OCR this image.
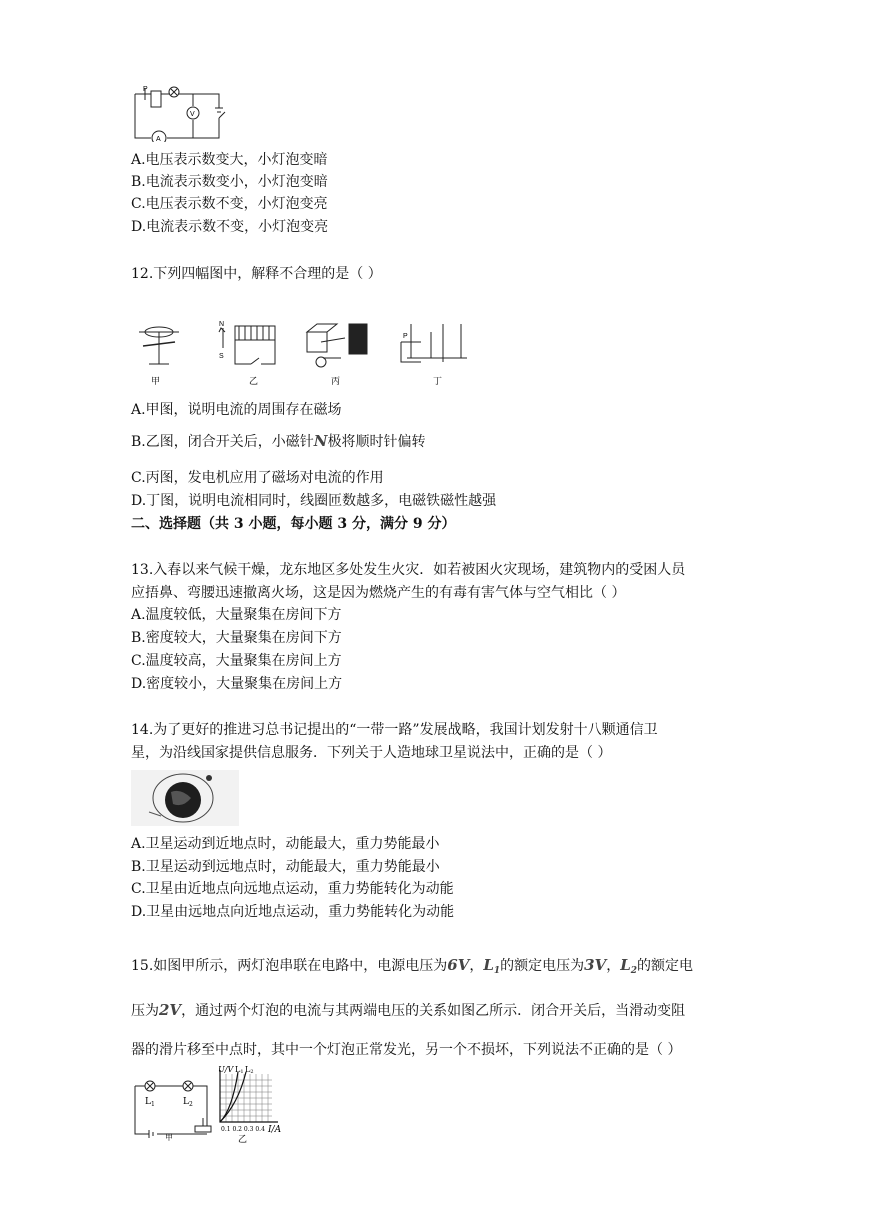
P
V
A
A.电压表示数变大，小灯泡变暗
B.电流表示数变小，小灯泡变暗
C.电压表示数不变，小灯泡变亮
D.电流表示数不变，小灯泡变亮
12.下列四幅图中，解释不合理的是（ ）
N
S
P
甲	乙	丙	丁
A.甲图，说明电流的周围存在磁场
B.乙图，闭合开关后，小磁针N极将顺时针偏转
C.丙图，发电机应用了磁场对电流的作用
D.丁图，说明电流相同时，线圈匝数越多，电磁铁磁性越强
二、选择题（共 3 小题，每小题 3 分，满分 9 分）
13.入春以来气候干燥，龙东地区多处发生火灾．如若被困火灾现场，建筑物内的受困人员
应捂鼻、弯腰迅速撤离火场，这是因为燃烧产生的有毒有害气体与空气相比（ ）
A.温度较低，大量聚集在房间下方
B.密度较大，大量聚集在房间下方
C.温度较高，大量聚集在房间上方
D.密度较小，大量聚集在房间上方
14.为了更好的推进习总书记提出的“一带一路”发展战略，我国计划发射十八颗通信卫
星，为沿线国家提供信息服务．下列关于人造地球卫星说法中，正确的是（ ）
A.卫星运动到近地点时，动能最大，重力势能最小
B.卫星运动到远地点时，动能最大，重力势能最小
C.卫星由近地点向远地点运动，重力势能转化为动能
D.卫星由远地点向近地点运动，重力势能转化为动能
15.如图甲所示，两灯泡串联在电路中，电源电压为6V，$L_1$的额定电压为3V，$L_2$的额定电
压为2V，通过两个灯泡的电流与其两端电压的关系如图乙所示．闭合开关后，当滑动变阻
器的滑片移至中点时，其中一个灯泡正常发光，另一个不损坏，下列说法不正确的是（ ）
$L_1$	$L_2$
甲
U/V L1 L2
0.1 0.2 0.3 0.4 I/A
乙
